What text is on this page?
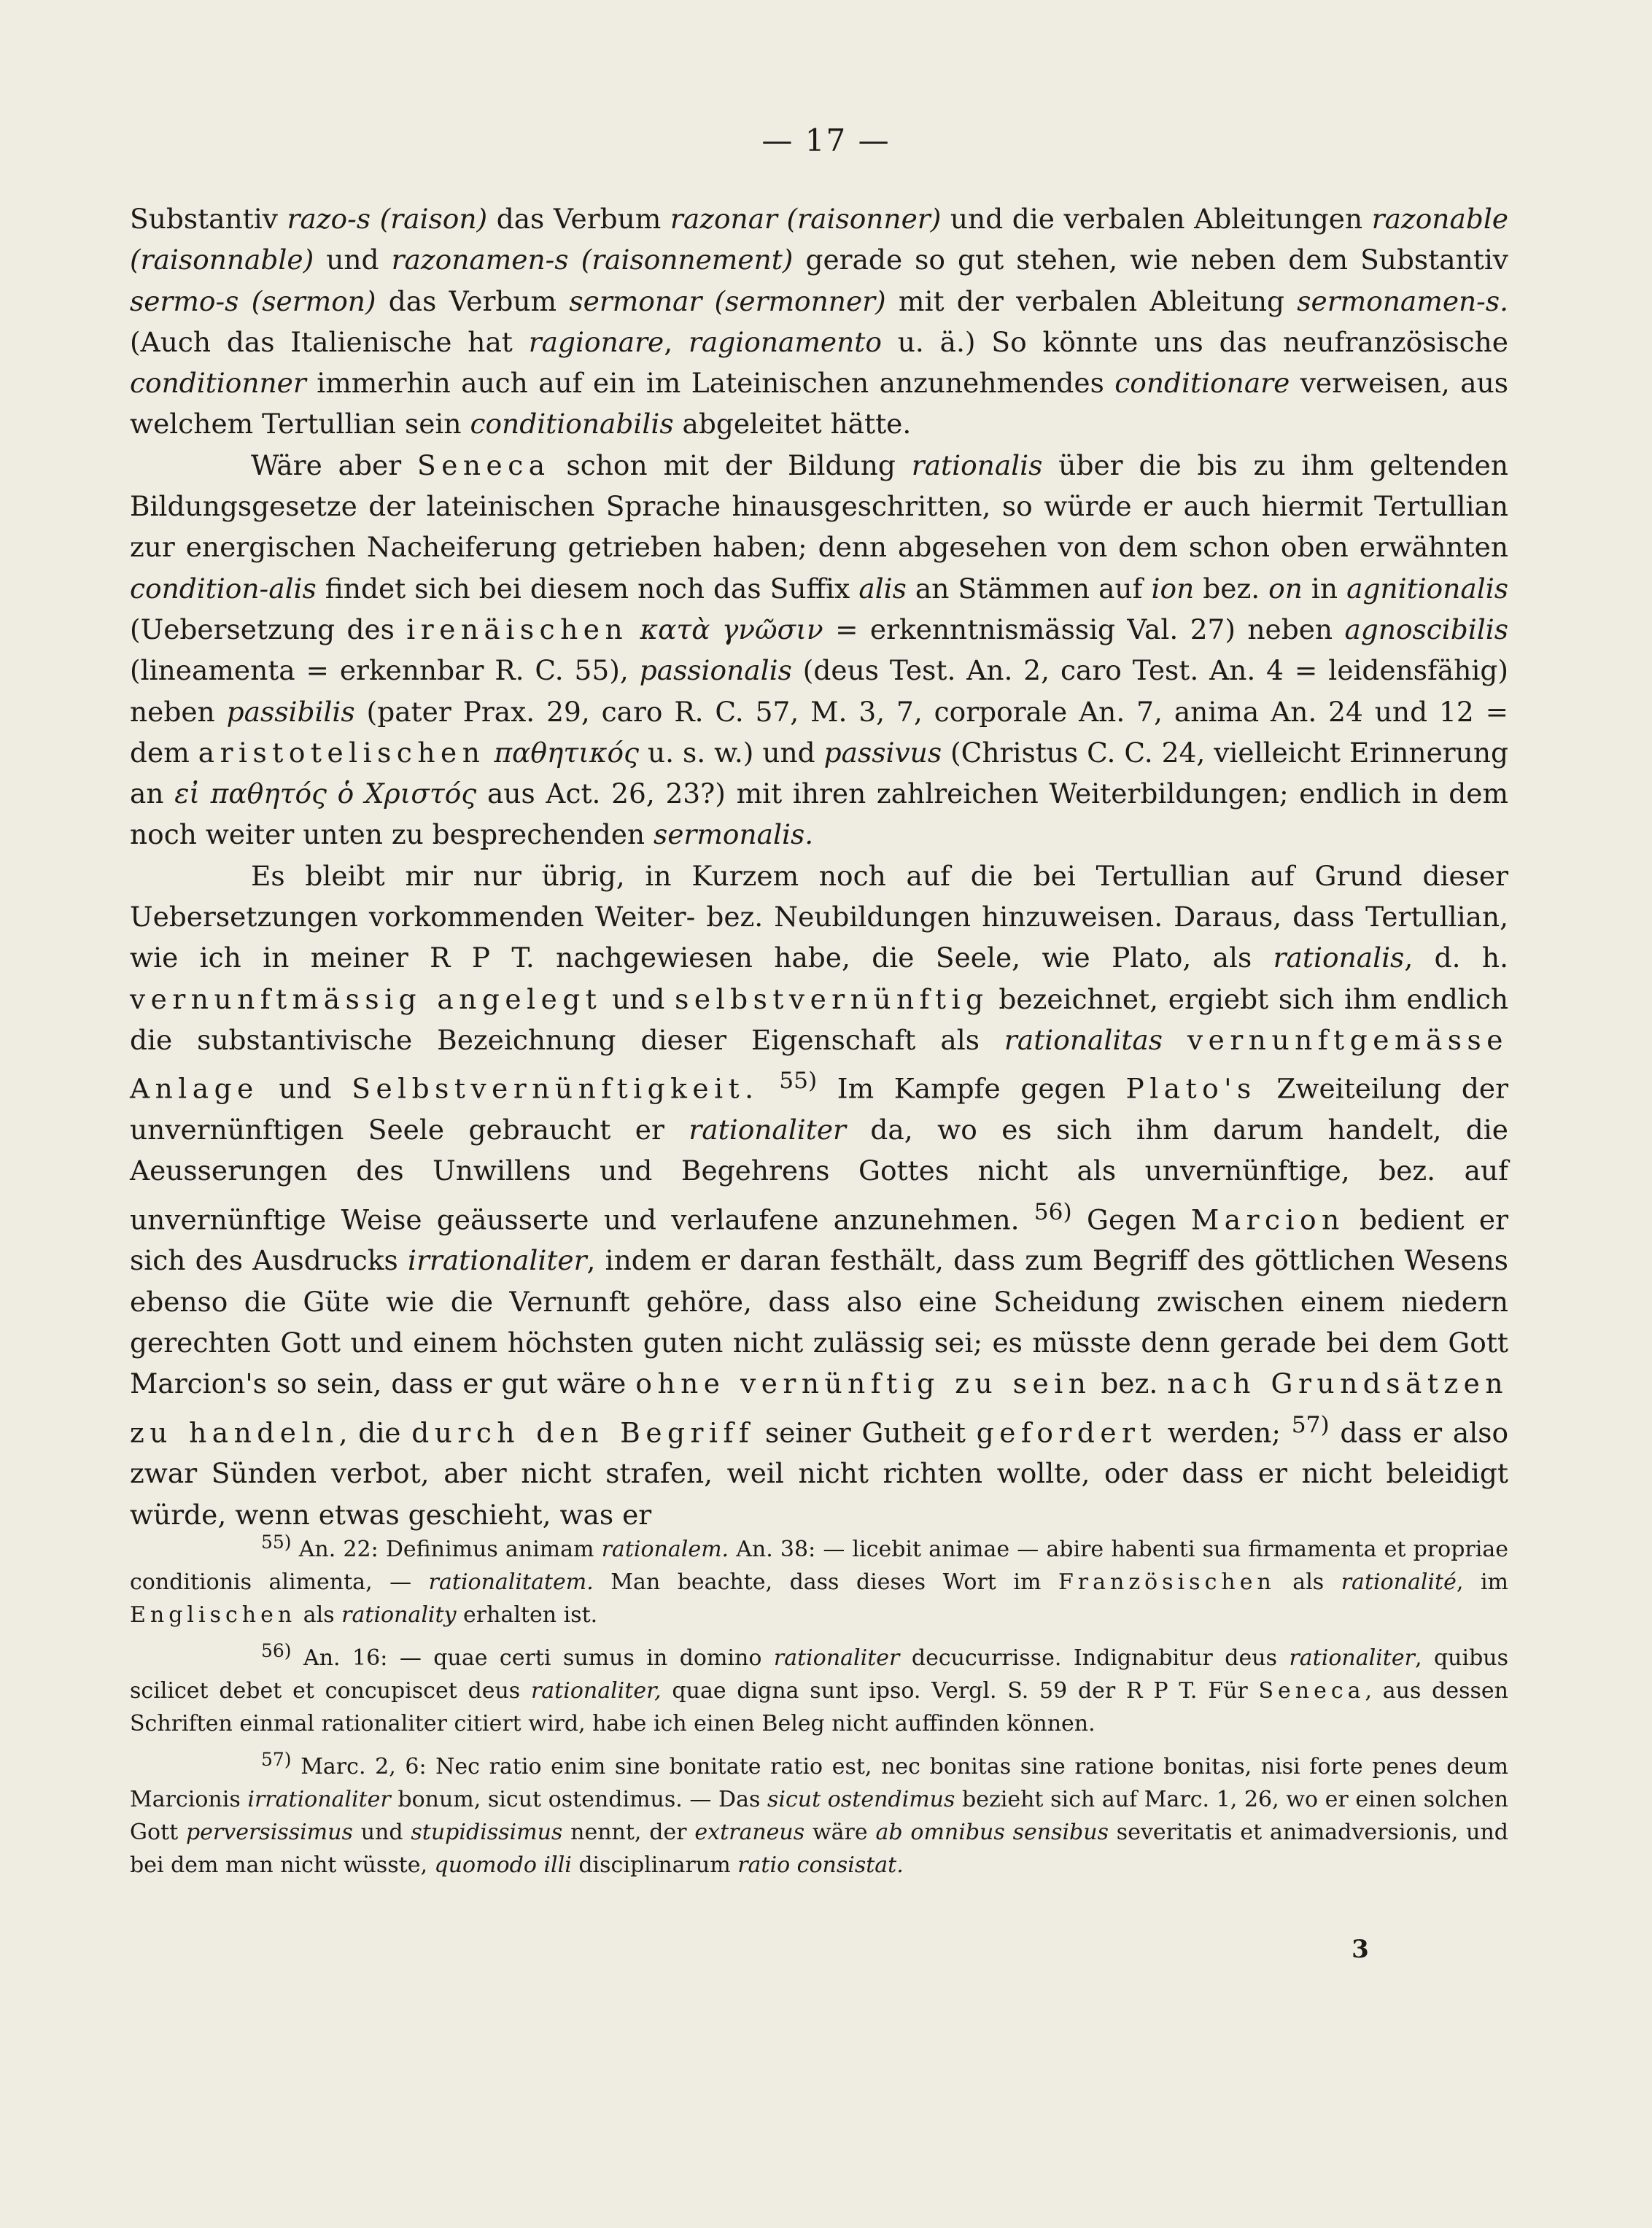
— 17 —

Substantiv razo-s (raison) das Verbum razonar (raisonner) und die verbalen Ableitungen razonable (raisonnable) und razonamen-s (raisonnement) gerade so gut stehen, wie neben dem Substantiv sermo-s (sermon) das Verbum sermonar (sermonner) mit der verbalen Ableitung sermonamen-s. (Auch das Italienische hat ragionare, ragionamento u. ä.) So könnte uns das neufranzösische conditionner immerhin auch auf ein im Lateinischen anzunehmendes conditionare verweisen, aus welchem Tertullian sein conditionabilis abgeleitet hätte.

Wäre aber Seneca schon mit der Bildung rationalis über die bis zu ihm geltenden Bildungsgesetze der lateinischen Sprache hinausgeschritten, so würde er auch hiermit Tertullian zur energischen Nacheiferung getrieben haben; denn abgesehen von dem schon oben erwähnten condition-alis findet sich bei diesem noch das Suffix alis an Stämmen auf ion bez. on in agnitionalis (Uebersetzung des irenäischen κατὰ γνῶσιν = erkenntnismässig Val. 27) neben agnoscibilis (lineamenta = erkennbar R. C. 55), passionalis (deus Test. An. 2, caro Test. An. 4 = leidensfähig) neben passibilis (pater Prax. 29, caro R. C. 57, M. 3, 7, corporale An. 7, anima An. 24 und 12 = dem aristotelischen παθητικός u. s. w.) und passivus (Christus C. C. 24, vielleicht Erinnerung an εἰ παθητός ὁ Χριστός aus Act. 26, 23?) mit ihren zahlreichen Weiterbildungen; endlich in dem noch weiter unten zu besprechenden sermonalis.

Es bleibt mir nur übrig, in Kurzem noch auf die bei Tertullian auf Grund dieser Uebersetzungen vorkommenden Weiter- bez. Neubildungen hinzuweisen. Daraus, dass Tertullian, wie ich in meiner R P T. nachgewiesen habe, die Seele, wie Plato, als rationalis, d. h. vernunftmässig angelegt und selbstvernünftig bezeichnet, ergiebt sich ihm endlich die substantivische Bezeichnung dieser Eigenschaft als rationalitas vernunftgemässe Anlage und Selbstvernünftigkeit. $^{55)}$ Im Kampfe gegen Plato's Zweiteilung der unvernünftigen Seele gebraucht er rationaliter da, wo es sich ihm darum handelt, die Aeusserungen des Unwillens und Begehrens Gottes nicht als unvernünftige, bez. auf unvernünftige Weise geäusserte und verlaufene anzunehmen. $^{56)}$ Gegen Marcion bedient er sich des Ausdrucks irrationaliter, indem er daran festhält, dass zum Begriff des göttlichen Wesens ebenso die Güte wie die Vernunft gehöre, dass also eine Scheidung zwischen einem niedern gerechten Gott und einem höchsten guten nicht zulässig sei; es müsste denn gerade bei dem Gott Marcion's so sein, dass er gut wäre ohne vernünftig zu sein bez. nach Grundsätzen zu handeln, die durch den Begriff seiner Gutheit gefordert werden; $^{57)}$ dass er also zwar Sünden verbot, aber nicht strafen, weil nicht richten wollte, oder dass er nicht beleidigt würde, wenn etwas geschieht, was er

$^{55)}$ An. 22: Definimus animam rationalem. An. 38: — licebit animae — abire habenti sua firmamenta et propriae conditionis alimenta, — rationalitatem. Man beachte, dass dieses Wort im Französischen als rationalité, im Englischen als rationality erhalten ist.

$^{56)}$ An. 16: — quae certi sumus in domino rationaliter decucurrisse. Indignabitur deus rationaliter, quibus scilicet debet et concupiscet deus rationaliter, quae digna sunt ipso. Vergl. S. 59 der R P T. Für Seneca, aus dessen Schriften einmal rationaliter citiert wird, habe ich einen Beleg nicht auffinden können.

$^{57)}$ Marc. 2, 6: Nec ratio enim sine bonitate ratio est, nec bonitas sine ratione bonitas, nisi forte penes deum Marcionis irrationaliter bonum, sicut ostendimus. — Das sicut ostendimus bezieht sich auf Marc. 1, 26, wo er einen solchen Gott perversissimus und stupidissimus nennt, der extraneus wäre ab omnibus sensibus severitatis et animadversionis, und bei dem man nicht wüsste, quomodo illi disciplinarum ratio consistat.

3
